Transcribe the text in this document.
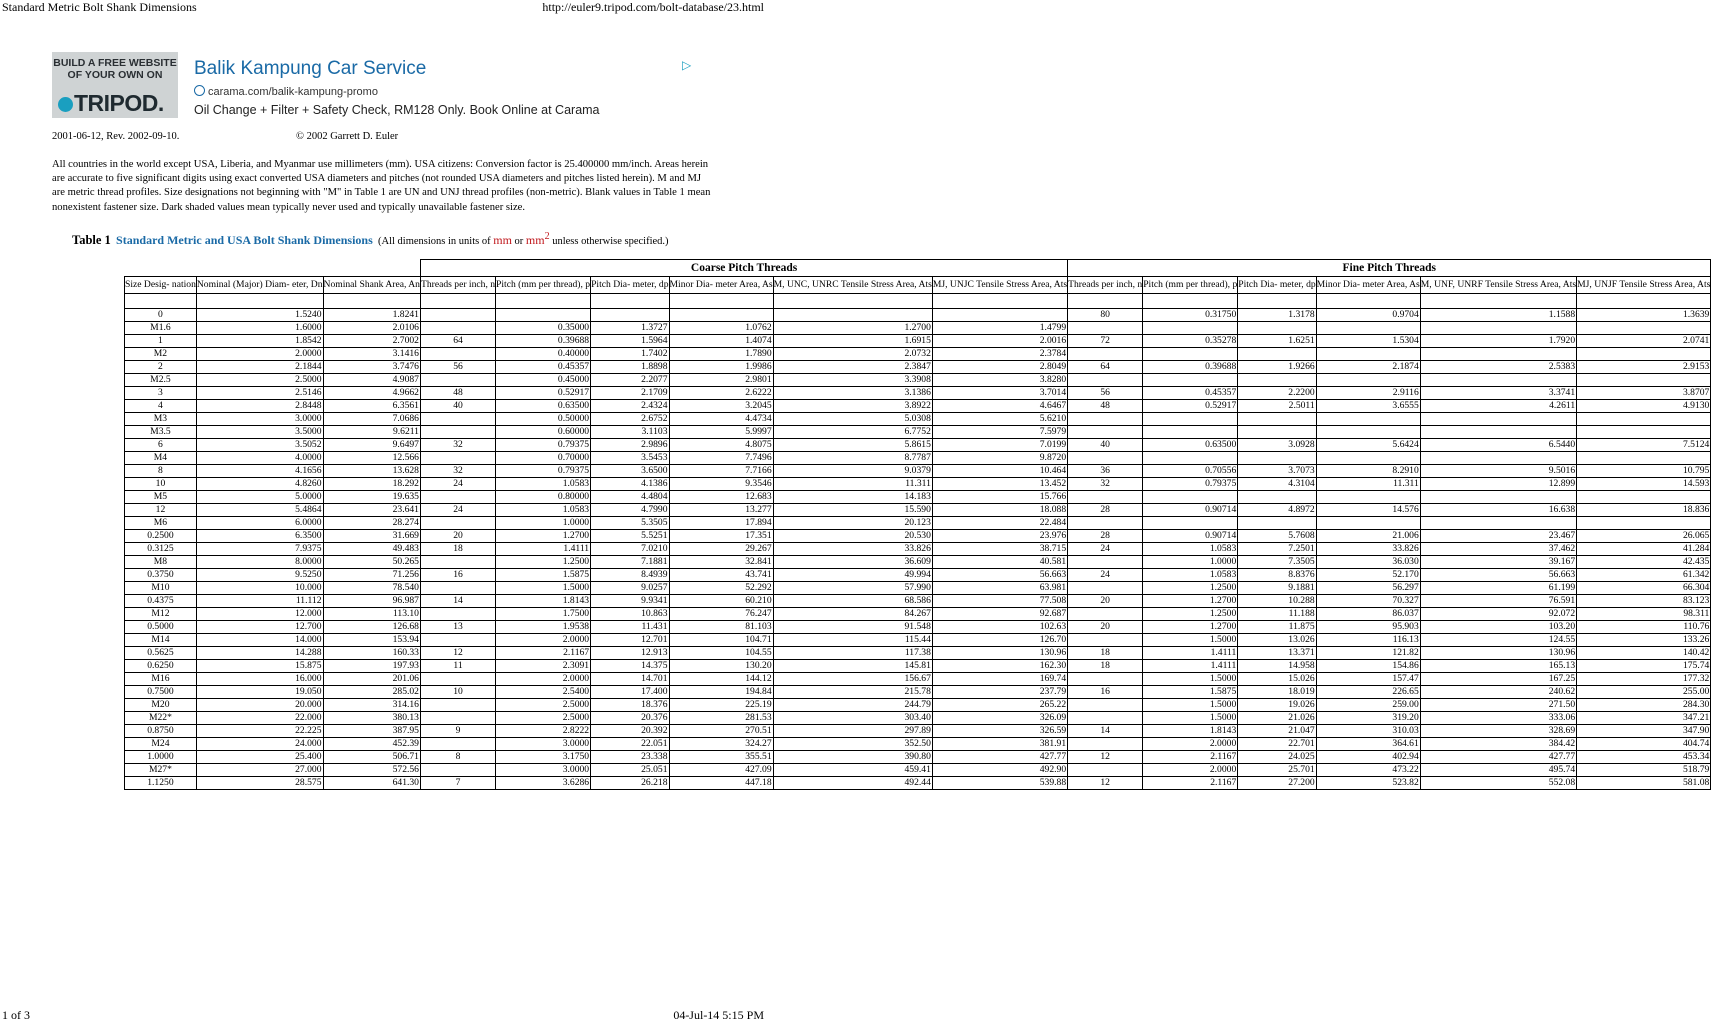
Standard Metric Bolt Shank Dimensions	http://euler9.tripod.com/bolt-database/23.html
BUILD A FREE WEBSITE
OF YOUR OWN ON
TRIPOD.
Balik Kampung Car Service
carama.com/balik-kampung-promo
Oil Change + Filter + Safety Check, RM128 Only. Book Online at Carama
▷
2001-06-12, Rev. 2002-09-10.	© 2002 Garrett D. Euler
All countries in the world except USA, Liberia, and Myanmar use millimeters (mm). USA citizens: Conversion factor is 25.400000 mm/inch. Areas herein are accurate to five significant digits using exact converted USA diameters and pitches (not rounded USA diameters and pitches listed herein). M and MJ are metric thread profiles. Size designations not beginning with "M" in Table 1 are UN and UNJ thread profiles (non-metric). Blank values in Table 1 mean nonexistent fastener size. Dark shaded values mean typically never used and typically unavailable fastener size.
Table 1 Standard Metric and USA Bolt Shank Dimensions (All dimensions in units of mm or $mm^2$ unless otherwise specified.)
			Coarse Pitch Threads						Fine Pitch Threads					
Size Desig- nation	Nominal (Major) Diam- eter, Dn	Nominal Shank Area, An	Threads per inch, n	Pitch (mm per thread), p	Pitch Dia- meter, dp	Minor Dia- meter Area, As	M, UNC, UNRC Tensile Stress Area, Ats	MJ, UNJC Tensile Stress Area, Ats	Threads per inch, n	Pitch (mm per thread), p	Pitch Dia- meter, dp	Minor Dia- meter Area, As	M, UNF, UNRF Tensile Stress Area, Ats	MJ, UNJF Tensile Stress Area, Ats

0	1.5240	1.8241							80	0.31750	1.3178	0.9704	1.1588	1.3639
M1.6	1.6000	2.0106		0.35000	1.3727	1.0762	1.2700	1.4799						
1	1.8542	2.7002	64	0.39688	1.5964	1.4074	1.6915	2.0016	72	0.35278	1.6251	1.5304	1.7920	2.0741
M2	2.0000	3.1416		0.40000	1.7402	1.7890	2.0732	2.3784						
2	2.1844	3.7476	56	0.45357	1.8898	1.9986	2.3847	2.8049	64	0.39688	1.9266	2.1874	2.5383	2.9153
M2.5	2.5000	4.9087		0.45000	2.2077	2.9801	3.3908	3.8280						
3	2.5146	4.9662	48	0.52917	2.1709	2.6222	3.1386	3.7014	56	0.45357	2.2200	2.9116	3.3741	3.8707
4	2.8448	6.3561	40	0.63500	2.4324	3.2045	3.8922	4.6467	48	0.52917	2.5011	3.6555	4.2611	4.9130
M3	3.0000	7.0686		0.50000	2.6752	4.4734	5.0308	5.6210						
M3.5	3.5000	9.6211		0.60000	3.1103	5.9997	6.7752	7.5979						
6	3.5052	9.6497	32	0.79375	2.9896	4.8075	5.8615	7.0199	40	0.63500	3.0928	5.6424	6.5440	7.5124
M4	4.0000	12.566		0.70000	3.5453	7.7496	8.7787	9.8720						
8	4.1656	13.628	32	0.79375	3.6500	7.7166	9.0379	10.464	36	0.70556	3.7073	8.2910	9.5016	10.795
10	4.8260	18.292	24	1.0583	4.1386	9.3546	11.311	13.452	32	0.79375	4.3104	11.311	12.899	14.593
M5	5.0000	19.635		0.80000	4.4804	12.683	14.183	15.766						
12	5.4864	23.641	24	1.0583	4.7990	13.277	15.590	18.088	28	0.90714	4.8972	14.576	16.638	18.836
M6	6.0000	28.274		1.0000	5.3505	17.894	20.123	22.484						
0.2500	6.3500	31.669	20	1.2700	5.5251	17.351	20.530	23.976	28	0.90714	5.7608	21.006	23.467	26.065
0.3125	7.9375	49.483	18	1.4111	7.0210	29.267	33.826	38.715	24	1.0583	7.2501	33.826	37.462	41.284
M8	8.0000	50.265		1.2500	7.1881	32.841	36.609	40.581		1.0000	7.3505	36.030	39.167	42.435
0.3750	9.5250	71.256	16	1.5875	8.4939	43.741	49.994	56.663	24	1.0583	8.8376	52.170	56.663	61.342
M10	10.000	78.540		1.5000	9.0257	52.292	57.990	63.981		1.2500	9.1881	56.297	61.199	66.304
0.4375	11.112	96.987	14	1.8143	9.9341	60.210	68.586	77.508	20	1.2700	10.288	70.327	76.591	83.123
M12	12.000	113.10		1.7500	10.863	76.247	84.267	92.687		1.2500	11.188	86.037	92.072	98.311
0.5000	12.700	126.68	13	1.9538	11.431	81.103	91.548	102.63	20	1.2700	11.875	95.903	103.20	110.76
M14	14.000	153.94		2.0000	12.701	104.71	115.44	126.70		1.5000	13.026	116.13	124.55	133.26
0.5625	14.288	160.33	12	2.1167	12.913	104.55	117.38	130.96	18	1.4111	13.371	121.82	130.96	140.42
0.6250	15.875	197.93	11	2.3091	14.375	130.20	145.81	162.30	18	1.4111	14.958	154.86	165.13	175.74
M16	16.000	201.06		2.0000	14.701	144.12	156.67	169.74		1.5000	15.026	157.47	167.25	177.32
0.7500	19.050	285.02	10	2.5400	17.400	194.84	215.78	237.79	16	1.5875	18.019	226.65	240.62	255.00
M20	20.000	314.16		2.5000	18.376	225.19	244.79	265.22		1.5000	19.026	259.00	271.50	284.30
M22*	22.000	380.13		2.5000	20.376	281.53	303.40	326.09		1.5000	21.026	319.20	333.06	347.21
0.8750	22.225	387.95	9	2.8222	20.392	270.51	297.89	326.59	14	1.8143	21.047	310.03	328.69	347.90
M24	24.000	452.39		3.0000	22.051	324.27	352.50	381.91		2.0000	22.701	364.61	384.42	404.74
1.0000	25.400	506.71	8	3.1750	23.338	355.51	390.80	427.77	12	2.1167	24.025	402.94	427.77	453.34
M27*	27.000	572.56		3.0000	25.051	427.09	459.41	492.90		2.0000	25.701	473.22	495.74	518.79
1.1250	28.575	641.30	7	3.6286	26.218	447.18	492.44	539.88	12	2.1167	27.200	523.82	552.08	581.08
1 of 3	04-Jul-14 5:15 PM
